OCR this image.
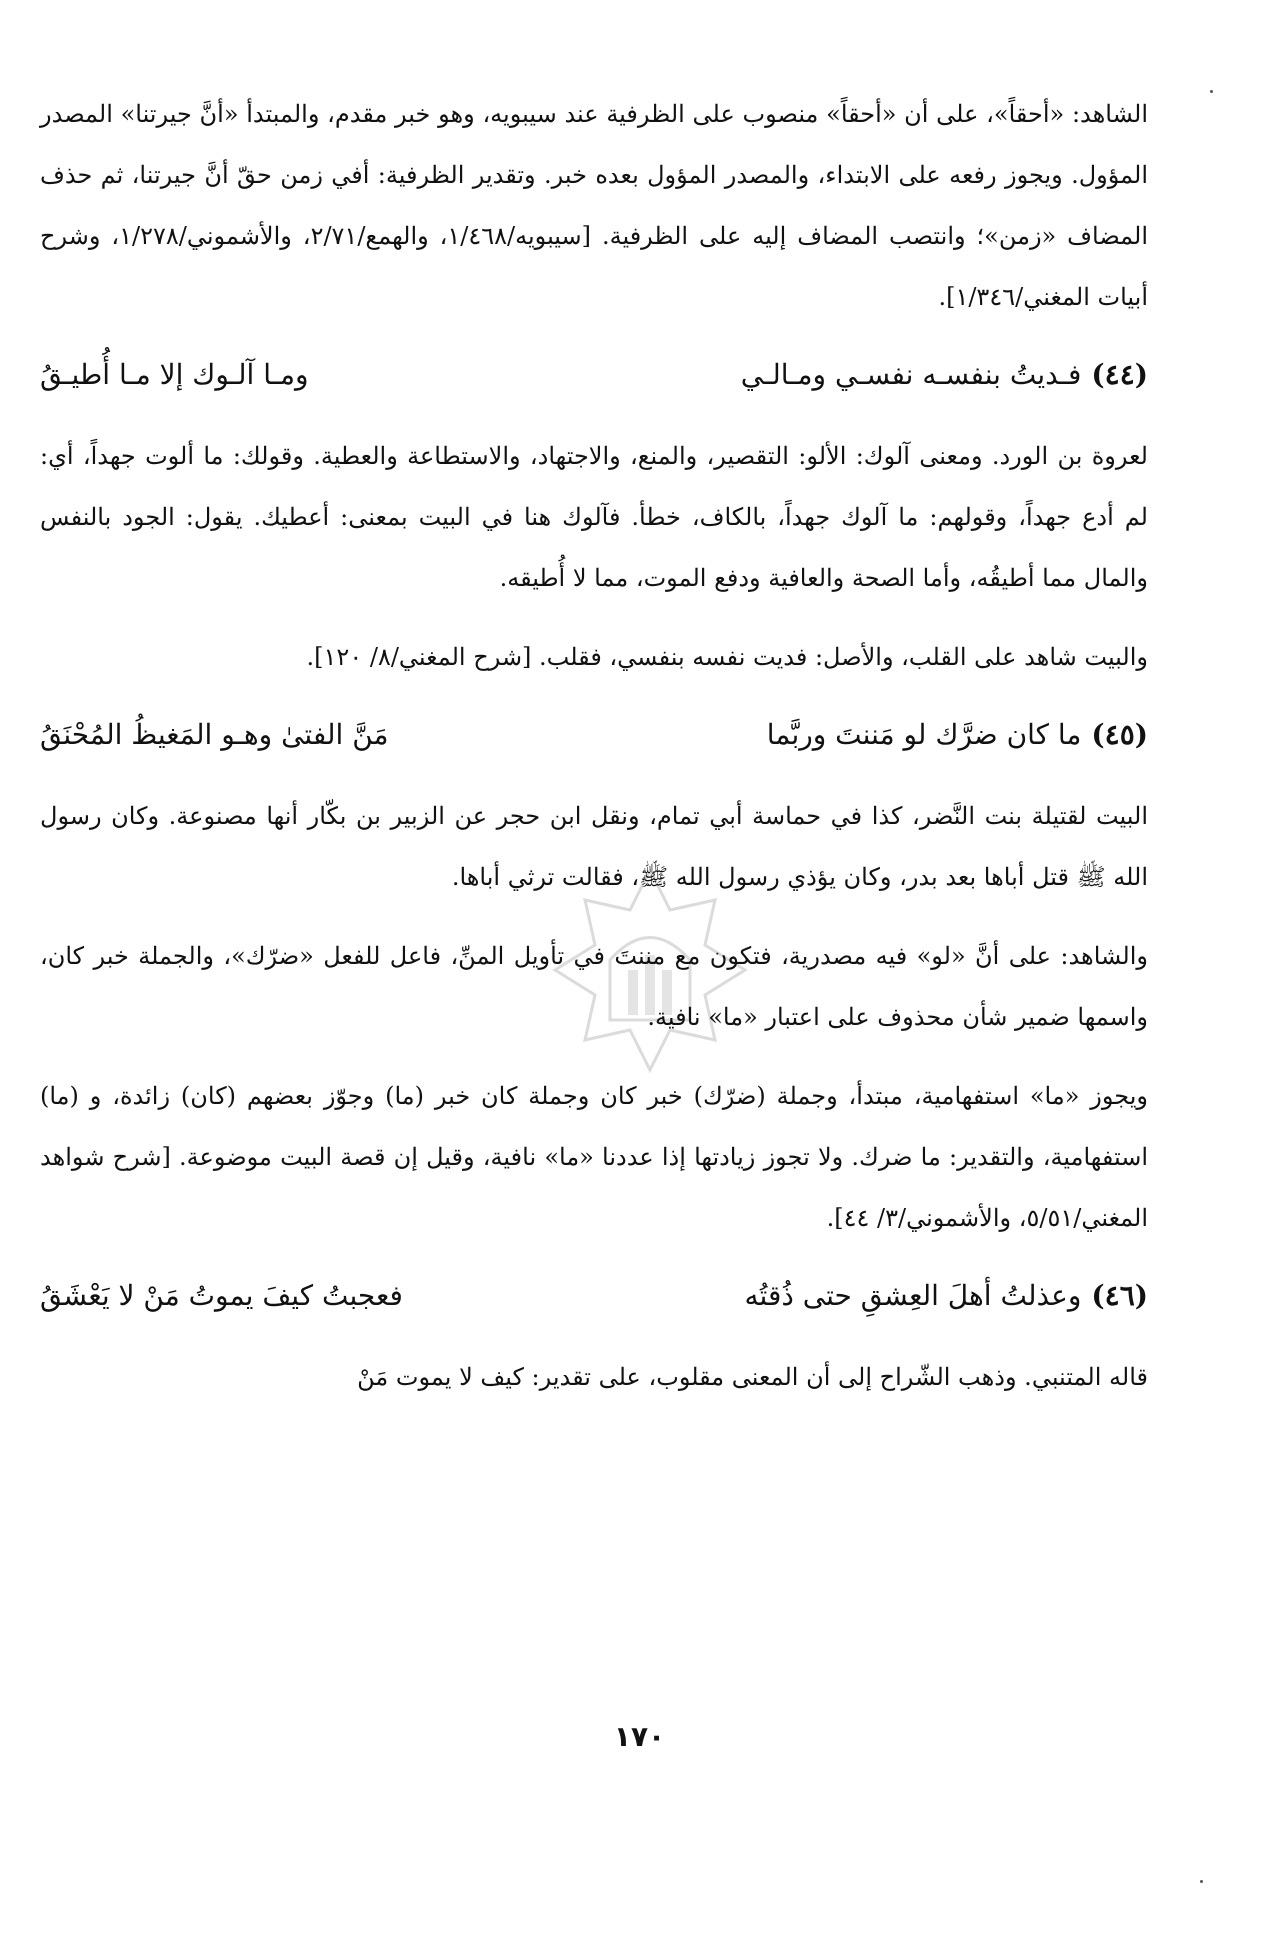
الشاهد: «أحقاً»، على أن «أحقاً» منصوب على الظرفية عند سيبويه، وهو خبر مقدم، والمبتدأ «أنَّ جيرتنا» المصدر المؤول. ويجوز رفعه على الابتداء، والمصدر المؤول بعده خبر. وتقدير الظرفية: أفي زمن حقّ أنَّ جيرتنا، ثم حذف المضاف «زمن»؛ وانتصب المضاف إليه على الظرفية. [سيبويه/١/٤٦٨، والهمع/٢/٧١، والأشموني/١/٢٧٨، وشرح أبيات المغني/١/٣٤٦].

(٤٤)
فـديتُ بنفسـه نفسـي ومـالـي
ومـا آلـوك إلا مـا أُطيـقُ

لعروة بن الورد. ومعنى آلوك: الألو: التقصير، والمنع، والاجتهاد، والاستطاعة والعطية. وقولك: ما ألوت جهداً، أي: لم أدع جهداً، وقولهم: ما آلوك جهداً، بالكاف، خطأ. فآلوك هنا في البيت بمعنى: أعطيك. يقول: الجود بالنفس والمال مما أطيقُه، وأما الصحة والعافية ودفع الموت، مما لا أُطيقه.

والبيت شاهد على القلب، والأصل: فديت نفسه بنفسي، فقلب. [شرح المغني/٨/ ١٢٠].

(٤٥)
ما كان ضرَّك لو مَننتَ وربَّما
مَنَّ الفتىٰ وهـو المَغيظُ المُحْنَقُ

البيت لقتيلة بنت النَّضر، كذا في حماسة أبي تمام، ونقل ابن حجر عن الزبير بن بكّار أنها مصنوعة. وكان رسول الله ﷺ قتل أباها بعد بدر، وكان يؤذي رسول الله ﷺ، فقالت ترثي أباها.

والشاهد: على أنَّ «لو» فيه مصدرية، فتكون مع مننتَ في تأويل المنِّ، فاعل للفعل «ضرّك»، والجملة خبر كان، واسمها ضمير شأن محذوف على اعتبار «ما» نافية.

ويجوز «ما» استفهامية، مبتدأ، وجملة (ضرّك) خبر كان وجملة كان خبر (ما) وجوّز بعضهم (كان) زائدة، و (ما) استفهامية، والتقدير: ما ضرك. ولا تجوز زيادتها إذا عددنا «ما» نافية، وقيل إن قصة البيت موضوعة. [شرح شواهد المغني/٥/٥١، والأشموني/٣/ ٤٤].

(٤٦)
وعذلتُ أهلَ العِشقِ حتى ذُقتُه
فعجبتُ كيفَ يموتُ مَنْ لا يَعْشَقُ

قاله المتنبي. وذهب الشّراح إلى أن المعنى مقلوب، على تقدير: كيف لا يموت مَنْ

١٧٠
